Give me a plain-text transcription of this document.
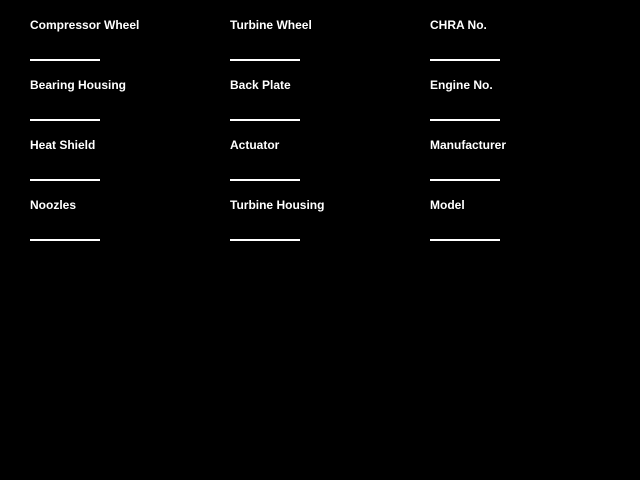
Compressor Wheel
Bearing Housing
Heat Shield
Noozles
Turbine Wheel
Back Plate
Actuator
Turbine Housing
CHRA No.
Engine No.
Manufacturer
Model
